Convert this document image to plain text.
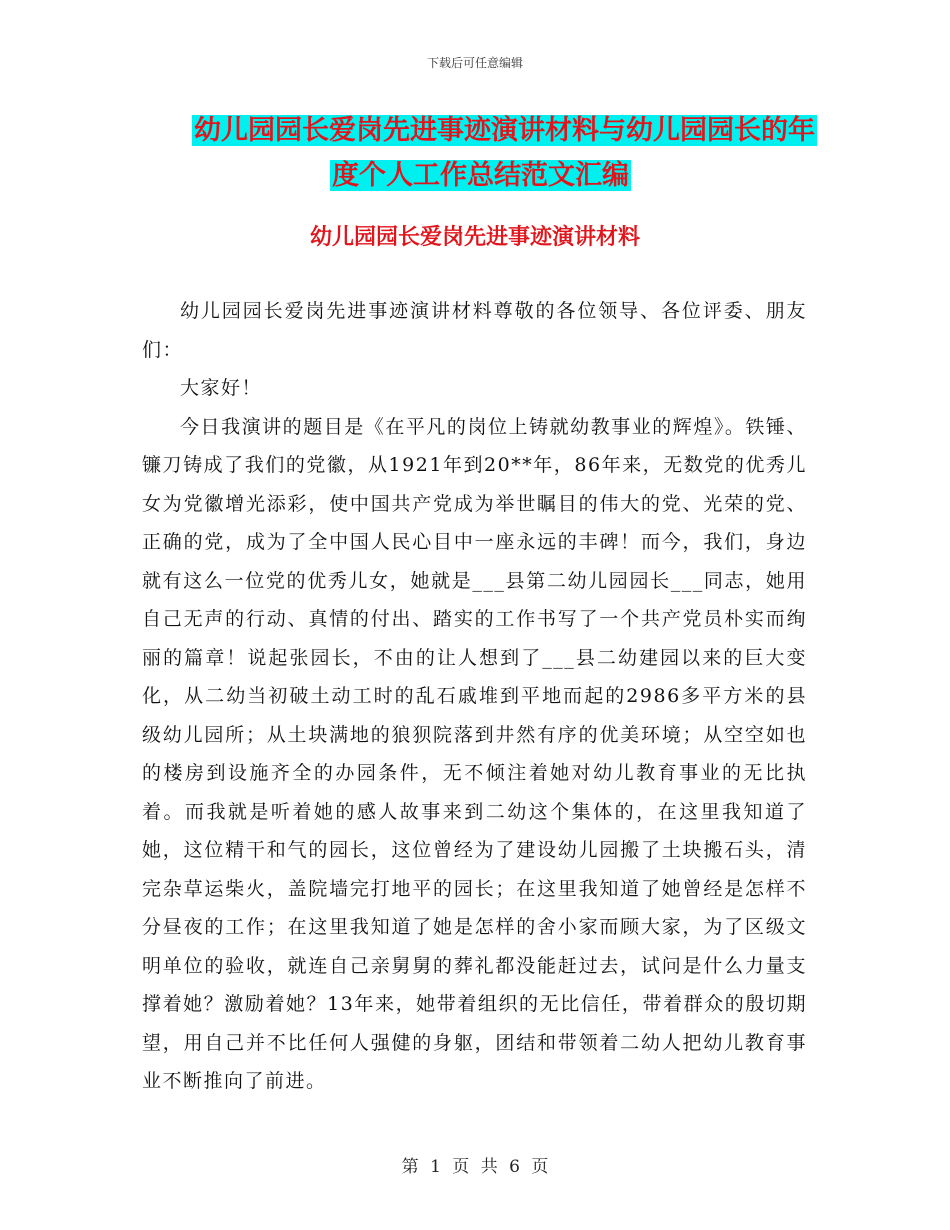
下载后可任意编辑
幼儿园园长爱岗先进事迹演讲材料与幼儿园园长的年
度个人工作总结范文汇编
幼儿园园长爱岗先进事迹演讲材料

幼儿园园长爱岗先进事迹演讲材料尊敬的各位领导、各位评委、朋友们：

大家好！

今日我演讲的题目是《在平凡的岗位上铸就幼教事业的辉煌》。铁锤、镰刀铸成了我们的党徽，从1921年到20**年，86年来，无数党的优秀儿女为党徽增光添彩，使中国共产党成为举世瞩目的伟大的党、光荣的党、正确的党，成为了全中国人民心目中一座永远的丰碑！而今，我们，身边就有这么一位党的优秀儿女，她就是___县第二幼儿园园长___同志，她用自己无声的行动、真情的付出、踏实的工作书写了一个共产党员朴实而绚丽的篇章！说起张园长，不由的让人想到了___县二幼建园以来的巨大变化，从二幼当初破土动工时的乱石戚堆到平地而起的2986多平方米的县级幼儿园所；从土块满地的狼狈院落到井然有序的优美环境；从空空如也的楼房到设施齐全的办园条件，无不倾注着她对幼儿教育事业的无比执着。而我就是听着她的感人故事来到二幼这个集体的，在这里我知道了她，这位精干和气的园长，这位曾经为了建设幼儿园搬了土块搬石头，清完杂草运柴火，盖院墙完打地平的园长；在这里我知道了她曾经是怎样不分昼夜的工作；在这里我知道了她是怎样的舍小家而顾大家，为了区级文明单位的验收，就连自己亲舅舅的葬礼都没能赶过去，试问是什么力量支撑着她？激励着她？13年来，她带着组织的无比信任，带着群众的殷切期望，用自己并不比任何人强健的身躯，团结和带领着二幼人把幼儿教育事业不断推向了前进。

第 1 页 共 6 页
